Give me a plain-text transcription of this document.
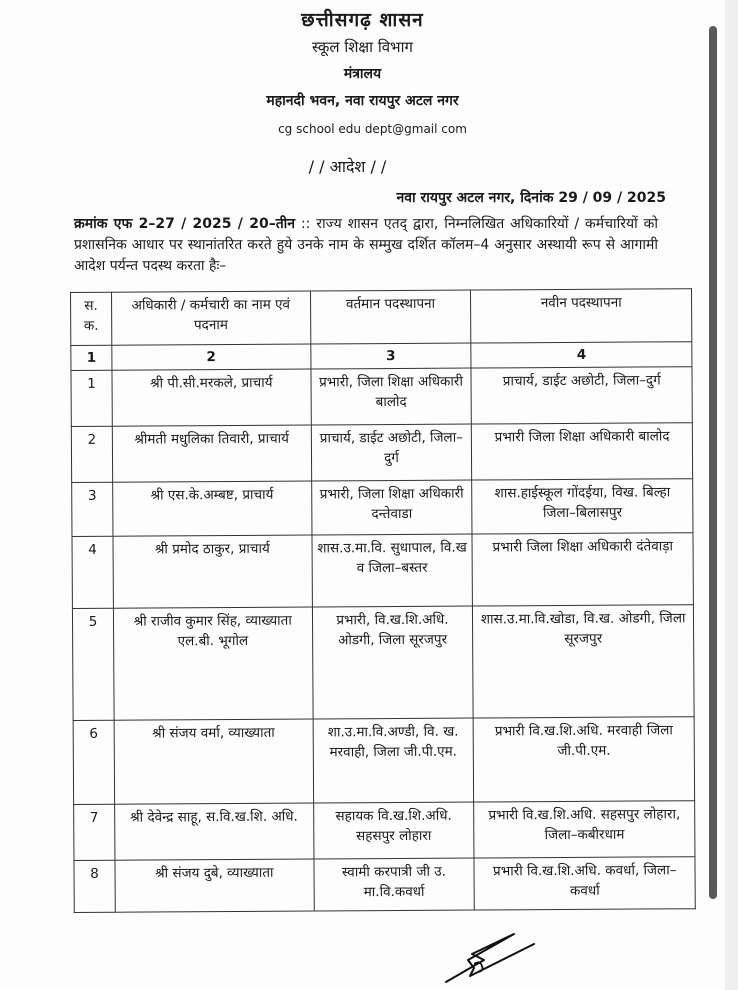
छत्तीसगढ़ शासन
स्कूल शिक्षा विभाग
मंत्रालय
महानदी भवन, नवा रायपुर अटल नगर
cg school edu dept@gmail com
/ / आदेश / /
नवा रायपुर अटल नगर, दिनांक 29 / 09 / 2025
क्रमांक एफ 2–27 / 2025 / 20–तीन :: राज्य शासन एतद् द्वारा, निम्नलिखित अधिकारियों / कर्मचारियों को प्रशासनिक आधार पर स्थानांतरित करते हुये उनके नाम के सम्मुख दर्शित कॉलम–4 अनुसार अस्थायी रूप से आगामी आदेश पर्यन्त पदस्थ करता हैः–
स. क.	अधिकारी / कर्मचारी का नाम एवं पदनाम	वर्तमान पदस्थापना	नवीन पदस्थापना
1	2	3	4
1	श्री पी.सी.मरकले, प्राचार्य	प्रभारी, जिला शिक्षा अधिकारी बालोद	प्राचार्य, डाईट अछोटी, जिला–दुर्ग
2	श्रीमती मधुलिका तिवारी, प्राचार्य	प्राचार्य, डाईट अछोटी, जिला–दुर्ग	प्रभारी जिला शिक्षा अधिकारी बालोद
3	श्री एस.के.अम्बष्ट, प्राचार्य	प्रभारी, जिला शिक्षा अधिकारी दन्तेवाडा	शास.हाईस्कूल गोंदईया, विख. बिल्हा जिला–बिलासपुर
4	श्री प्रमोद ठाकुर, प्राचार्य	शास.उ.मा.वि. सुधापाल, वि.ख व जिला–बस्तर	प्रभारी जिला शिक्षा अधिकारी दंतेवाड़ा
5	श्री राजीव कुमार सिंह, व्याख्याता एल.बी. भूगोल	प्रभारी, वि.ख.शि.अधि. ओडगी, जिला सूरजपुर	शास.उ.मा.वि.खोडा, वि.ख. ओडगी, जिला सूरजपुर
6	श्री संजय वर्मा, व्याख्याता	शा.उ.मा.वि.अण्डी, वि. ख. मरवाही, जिला जी.पी.एम.	प्रभारी वि.ख.शि.अधि. मरवाही जिला जी.पी.एम.
7	श्री देवेन्द्र साहू, स.वि.ख.शि. अधि.	सहायक वि.ख.शि.अधि. सहसपुर लोहारा	प्रभारी वि.ख.शि.अधि. सहसपुर लोहारा, जिला–कबीरधाम
8	श्री संजय दुबे, व्याख्याता	स्वामी करपात्री जी उ. मा.वि.कवर्धा	प्रभारी वि.ख.शि.अधि. कवर्धा, जिला–कवर्धा
